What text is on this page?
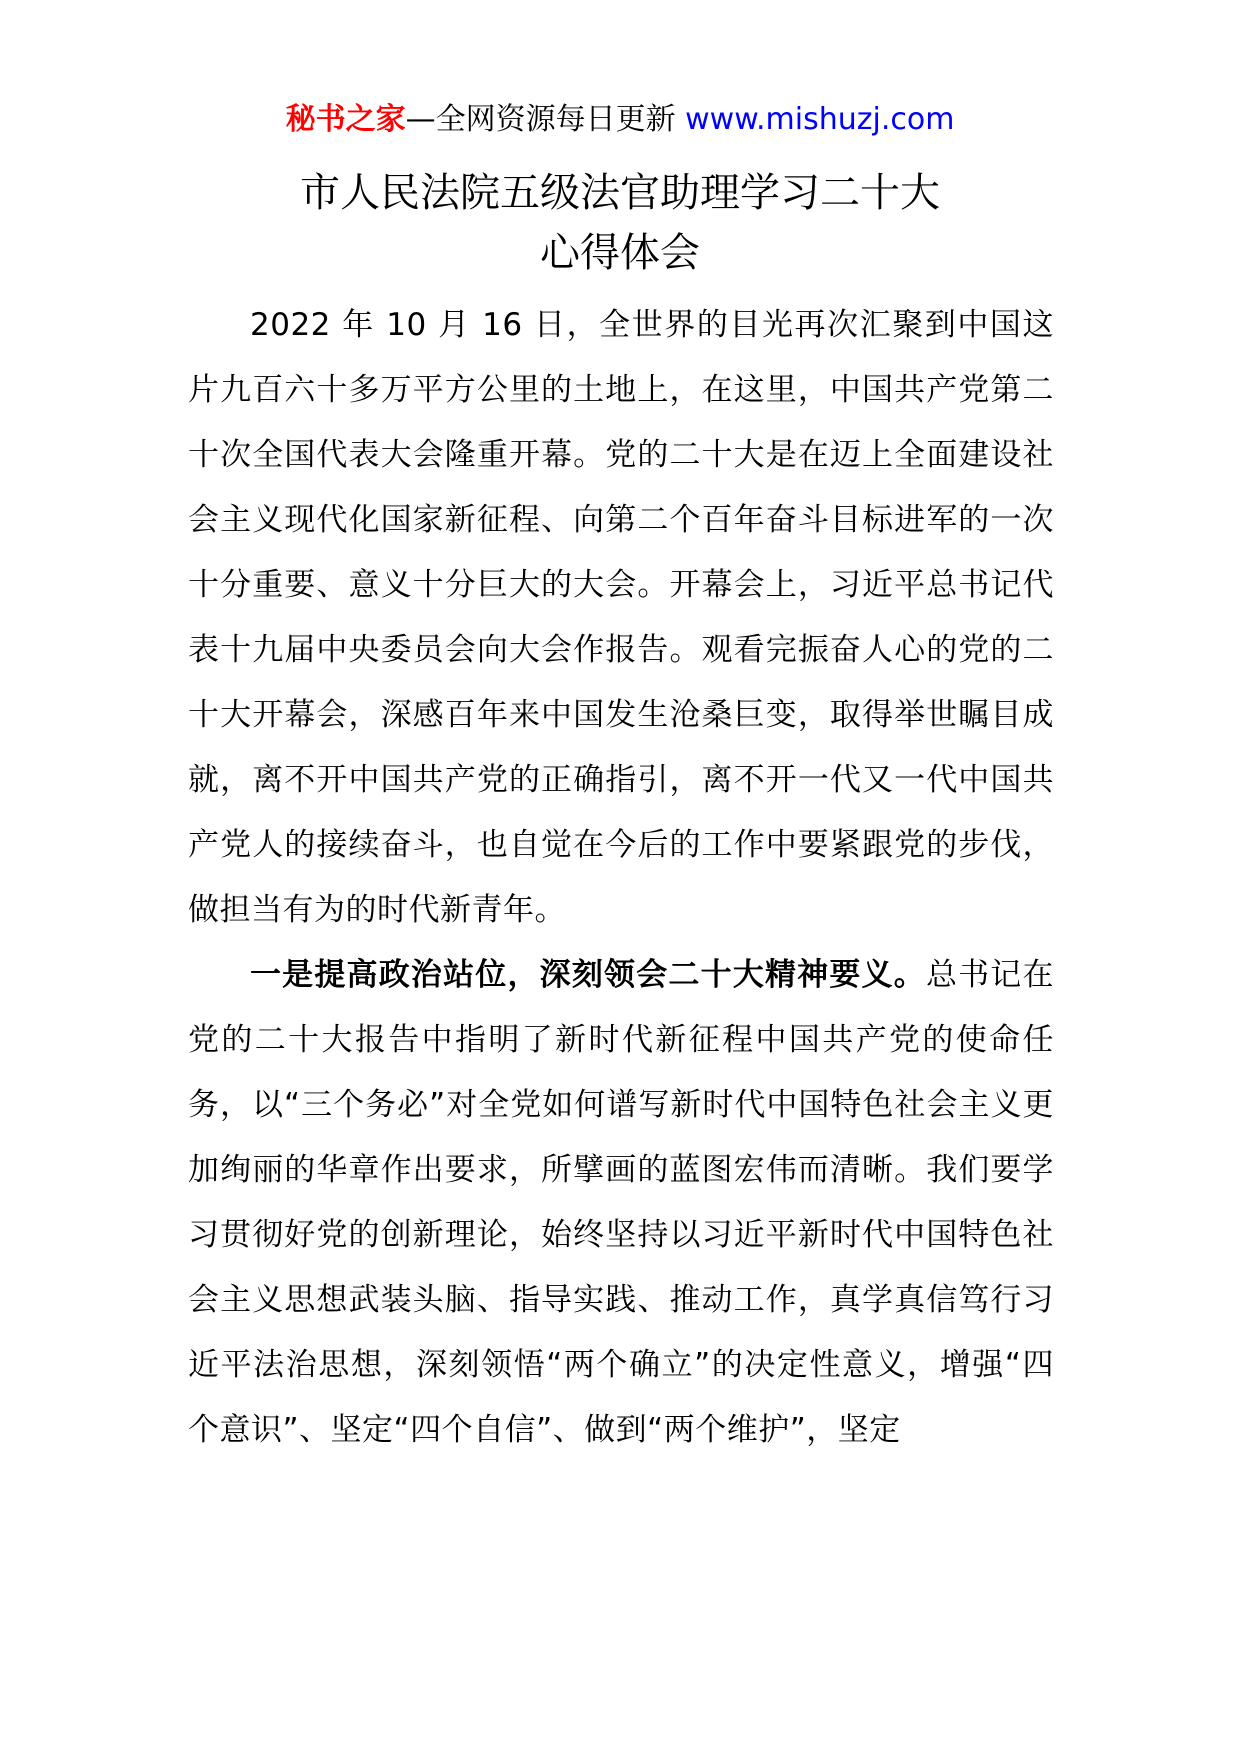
秘书之家—全网资源每日更新 www.mishuzj.com
市人民法院五级法官助理学习二十大
心得体会

2022 年 10 月 16 日，全世界的目光再次汇聚到中国这片九百六十多万平方公里的土地上，在这里，中国共产党第二十次全国代表大会隆重开幕。党的二十大是在迈上全面建设社会主义现代化国家新征程、向第二个百年奋斗目标进军的一次十分重要、意义十分巨大的大会。开幕会上，习近平总书记代表十九届中央委员会向大会作报告。观看完振奋人心的党的二十大开幕会，深感百年来中国发生沧桑巨变，取得举世瞩目成就，离不开中国共产党的正确指引，离不开一代又一代中国共产党人的接续奋斗，也自觉在今后的工作中要紧跟党的步伐，做担当有为的时代新青年。

一是提高政治站位，深刻领会二十大精神要义。总书记在党的二十大报告中指明了新时代新征程中国共产党的使命任务，以“三个务必”对全党如何谱写新时代中国特色社会主义更加绚丽的华章作出要求，所擘画的蓝图宏伟而清晰。我们要学习贯彻好党的创新理论，始终坚持以习近平新时代中国特色社会主义思想武装头脑、指导实践、推动工作，真学真信笃行习近平法治思想，深刻领悟“两个确立”的决定性意义，增强“四个意识”、坚定“四个自信”、做到“两个维护”，坚定
